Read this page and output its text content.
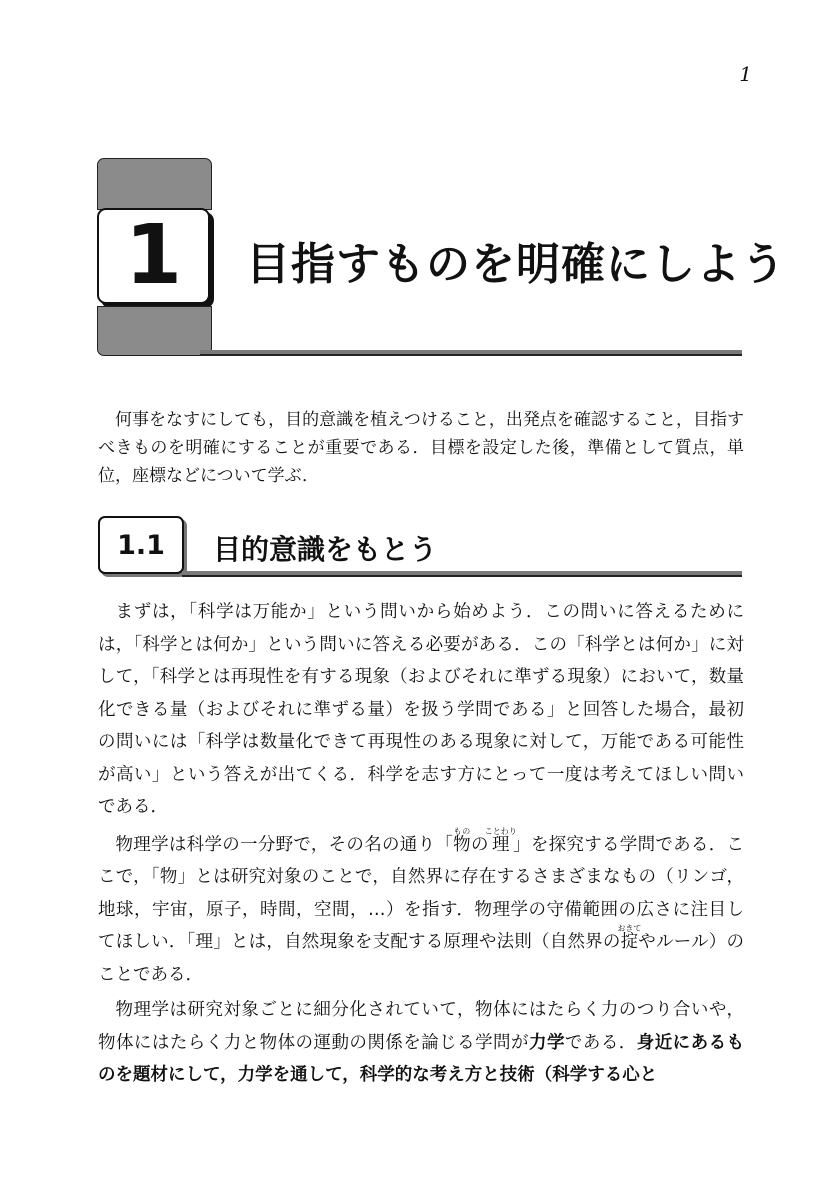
1
1	目指すものを明確にしよう

何事をなすにしても，目的意識を植えつけること，出発点を確認すること，目指すべきものを明確にすることが重要である．目標を設定した後，準備として質点，単位，座標などについて学ぶ．

1.1	目的意識をもとう

まずは，「科学は万能か」という問いから始めよう．この問いに答えるためには，「科学とは何か」という問いに答える必要がある．この「科学とは何か」に対して，「科学とは再現性を有する現象（およびそれに準ずる現象）において，数量化できる量（およびそれに準ずる量）を扱う学問である」と回答した場合，最初の問いには「科学は数量化できて再現性のある現象に対して，万能である可能性が高い」という答えが出てくる．科学を志す方にとって一度は考えてほしい問いである．

物理学は科学の一分野で，その名の通り「物ものの理ことわり」を探究する学問である．ここで，「物」とは研究対象のことで，自然界に存在するさまざまなもの（リンゴ，地球，宇宙，原子，時間，空間，…）を指す．物理学の守備範囲の広さに注目してほしい．「理」とは，自然現象を支配する原理や法則（自然界の掟おきてやルール）のことである．

物理学は研究対象ごとに細分化されていて，物体にはたらく力のつり合いや，物体にはたらく力と物体の運動の関係を論じる学問が力学である．身近にあるものを題材にして，力学を通して，科学的な考え方と技術（科学する心と
